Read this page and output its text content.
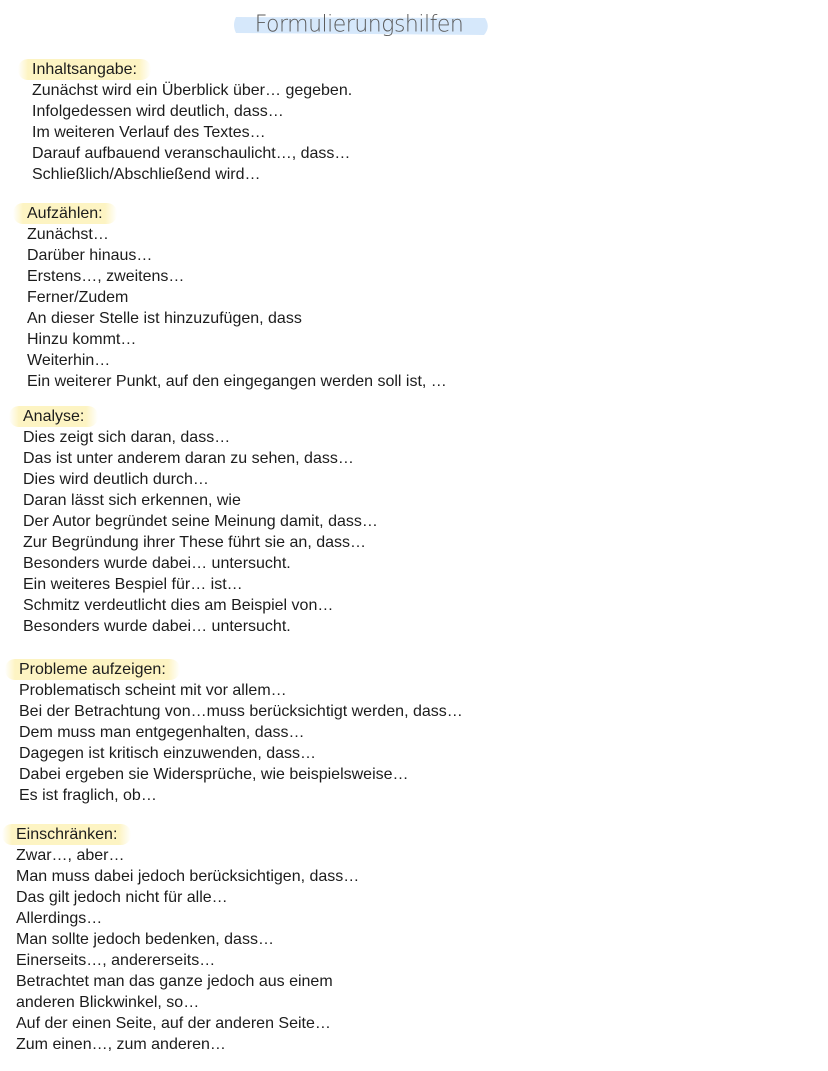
Formulierungshilfen
Inhaltsangabe:
Zunächst wird ein Überblick über… gegeben.
Infolgedessen wird deutlich, dass…
Im weiteren Verlauf des Textes…
Darauf aufbauend veranschaulicht…, dass…
Schließlich/Abschließend wird…
Aufzählen:
Zunächst…
Darüber hinaus…
Erstens…, zweitens…
Ferner/Zudem
An dieser Stelle ist hinzuzufügen, dass
Hinzu kommt…
Weiterhin…
Ein weiterer Punkt, auf den eingegangen werden soll ist, …
Analyse:
Dies zeigt sich daran, dass…
Das ist unter anderem daran zu sehen, dass…
Dies wird deutlich durch…
Daran lässt sich erkennen, wie
Der Autor begründet seine Meinung damit, dass…
Zur Begründung ihrer These führt sie an, dass…
Besonders wurde dabei… untersucht.
Ein weiteres Bespiel für… ist…
Schmitz verdeutlicht dies am Beispiel von…
Besonders wurde dabei… untersucht.
Probleme aufzeigen:
Problematisch scheint mit vor allem…
Bei der Betrachtung von…muss berücksichtigt werden, dass…
Dem muss man entgegenhalten, dass…
Dagegen ist kritisch einzuwenden, dass…
Dabei ergeben sie Widersprüche, wie beispielsweise…
Es ist fraglich, ob…
Einschränken:
Zwar…, aber…
Man muss dabei jedoch berücksichtigen, dass…
Das gilt jedoch nicht für alle…
Allerdings…
Man sollte jedoch bedenken, dass…
Einerseits…, andererseits…
Betrachtet man das ganze jedoch aus einem
anderen Blickwinkel, so…
Auf der einen Seite, auf der anderen Seite…
Zum einen…, zum anderen…
